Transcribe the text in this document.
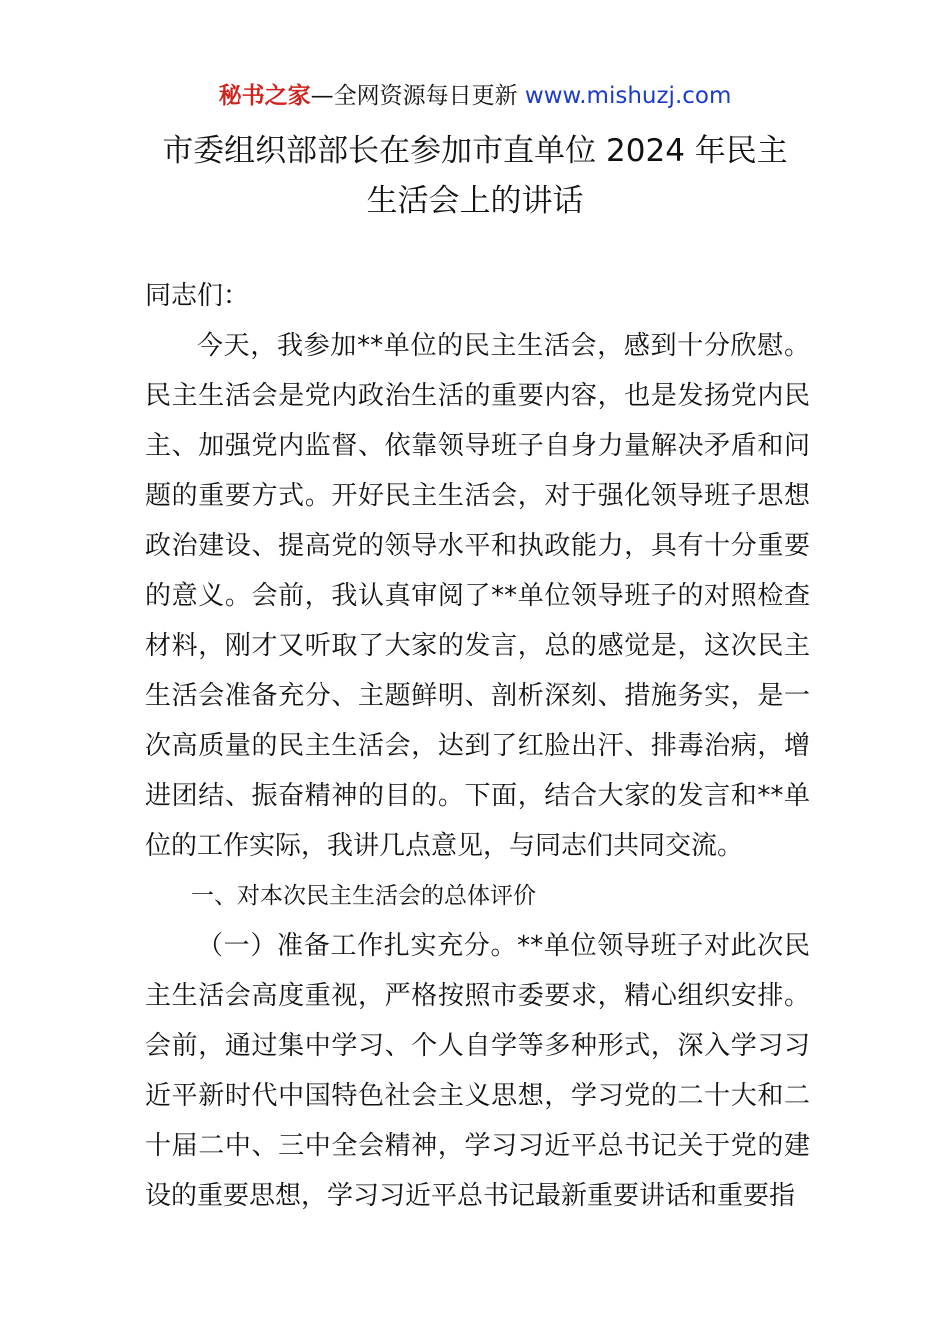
秘书之家—全网资源每日更新 www.mishuzj.com
市委组织部部长在参加市直单位 2024 年民主
生活会上的讲话

同志们：

今天，我参加**单位的民主生活会，感到十分欣慰。民主生活会是党内政治生活的重要内容，也是发扬党内民主、加强党内监督、依靠领导班子自身力量解决矛盾和问题的重要方式。开好民主生活会，对于强化领导班子思想政治建设、提高党的领导水平和执政能力，具有十分重要的意义。会前，我认真审阅了**单位领导班子的对照检查材料，刚才又听取了大家的发言，总的感觉是，这次民主生活会准备充分、主题鲜明、剖析深刻、措施务实，是一次高质量的民主生活会，达到了红脸出汗、排毒治病，增进团结、振奋精神的目的。下面，结合大家的发言和**单位的工作实际，我讲几点意见，与同志们共同交流。

一、对本次民主生活会的总体评价

（一）准备工作扎实充分。**单位领导班子对此次民主生活会高度重视，严格按照市委要求，精心组织安排。会前，通过集中学习、个人自学等多种形式，深入学习习近平新时代中国特色社会主义思想，学习党的二十大和二十届二中、三中全会精神，学习习近平总书记关于党的建设的重要思想，学习习近平总书记最新重要讲话和重要指
